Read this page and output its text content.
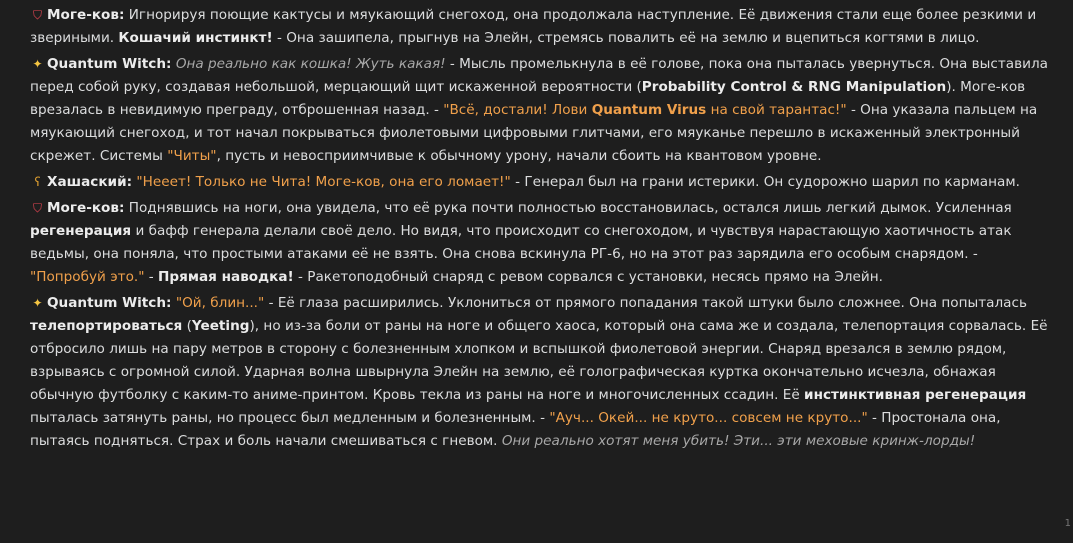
⛉ Моге-ков: Игнорируя поющие кактусы и мяукающий снегоход, она продолжала наступление. Её движения стали еще более резкими и звериными. Кошачий инстинкт! - Она зашипела, прыгнув на Элейн, стремясь повалить её на землю и вцепиться когтями в лицо.
✦ Quantum Witch: Она реально как кошка! Жуть какая! - Мысль промелькнула в её голове, пока она пыталась увернуться. Она выставила перед собой руку, создавая небольшой, мерцающий щит искаженной вероятности (Probability Control & RNG Manipulation). Моге-ков врезалась в невидимую преграду, отброшенная назад. - "Всё, достали! Лови Quantum Virus на свой тарантас!" - Она указала пальцем на мяукающий снегоход, и тот начал покрываться фиолетовыми цифровыми глитчами, его мяуканье перешло в искаженный электронный скрежет. Системы "Читы", пусть и невосприимчивые к обычному урону, начали сбоить на квантовом уровне.
ʕ Хашаский: "Нееет! Только не Чита! Моге-ков, она его ломает!" - Генерал был на грани истерики. Он судорожно шарил по карманам.
⛉ Моге-ков: Поднявшись на ноги, она увидела, что её рука почти полностью восстановилась, остался лишь легкий дымок. Усиленная регенерация и бафф генерала делали своё дело. Но видя, что происходит со снегоходом, и чувствуя нарастающую хаотичность атак ведьмы, она поняла, что простыми атаками её не взять. Она снова вскинула РГ-6, но на этот раз зарядила его особым снарядом. - "Попробуй это." - Прямая наводка! - Ракетоподобный снаряд с ревом сорвался с установки, несясь прямо на Элейн.
✦ Quantum Witch: "Ой, блин..." - Её глаза расширились. Уклониться от прямого попадания такой штуки было сложнее. Она попыталась телепортироваться (Yeeting), но из-за боли от раны на ноге и общего хаоса, который она сама же и создала, телепортация сорвалась. Её отбросило лишь на пару метров в сторону с болезненным хлопком и вспышкой фиолетовой энергии. Снаряд врезался в землю рядом, взрываясь с огромной силой. Ударная волна швырнула Элейн на землю, её голографическая куртка окончательно исчезла, обнажая обычную футболку с каким-то аниме-принтом. Кровь текла из раны на ноге и многочисленных ссадин. Её инстинктивная регенерация пыталась затянуть раны, но процесс был медленным и болезненным. - "Ауч... Окей... не круто... совсем не круто..." - Простонала она, пытаясь подняться. Страх и боль начали смешиваться с гневом. Они реально хотят меня убить! Эти... эти меховые кринж-лорды!
1
